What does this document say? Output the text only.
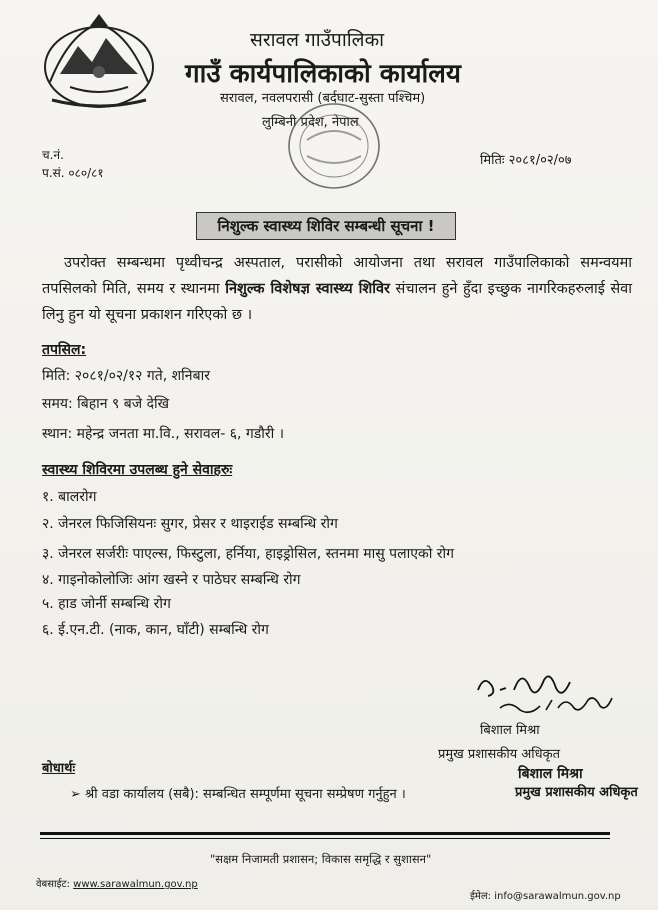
सरावल गाउँपालिका
गाउँ कार्यपालिकाको कार्यालय
सरावल, नवलपरासी (बर्दघाट-सुस्ता पश्चिम)
लुम्बिनी प्रदेश, नेपाल
च.नं.
प.सं. ०८०/८१
मितिः २०८१/०२/०७
निशुल्क स्वास्थ्य शिविर सम्बन्धी सूचना !
उपरोक्त सम्बन्धमा पृथ्वीचन्द्र अस्पताल, परासीको आयोजना तथा सरावल गाउँपालिकाको समन्वयमा तपसिलको मिति, समय र स्थानमा निशुल्क विशेषज्ञ स्वास्थ्य शिविर संचालन हुने हुँदा इच्छुक नागरिकहरुलाई सेवा लिनु हुन यो सूचना प्रकाशन गरिएको छ ।
तपसिल:
मिति: २०८१/०२/१२ गते, शनिबार
समय: बिहान ९ बजे देखि
स्थान: महेन्द्र जनता मा.वि., सरावल- ६, गडौरी ।
स्वास्थ्य शिविरमा उपलब्ध हुने सेवाहरुः
१. बालरोग
२. जेनरल फिजिसियनः सुगर, प्रेसर र थाइराईड सम्बन्धि रोग
३. जेनरल सर्जरीः पाएल्स, फिस्टुला, हर्निया, हाइड्रोसिल, स्तनमा मासु पलाएको रोग
४. गाइनोकोलोजिः आंग खस्ने र पाठेघर सम्बन्धि रोग
५. हाड जोर्नी सम्बन्धि रोग
६. ई.एन.टी. (नाक, कान, घाँटी) सम्बन्धि रोग
बिशाल मिश्रा
प्रमुख प्रशासकीय अधिकृत
बिशाल मिश्रा
प्रमुख प्रशासकीय अधिकृत
बोधार्थः
➢ श्री वडा कार्यालय (सबै): सम्बन्धित सम्पूर्णमा सूचना सम्प्रेषण गर्नुहुन ।
"सक्षम निजामती प्रशासन; विकास समृद्धि र सुशासन"
वेबसाईट: www.sarawalmun.gov.np
ईमेल: info@sarawalmun.gov.np
